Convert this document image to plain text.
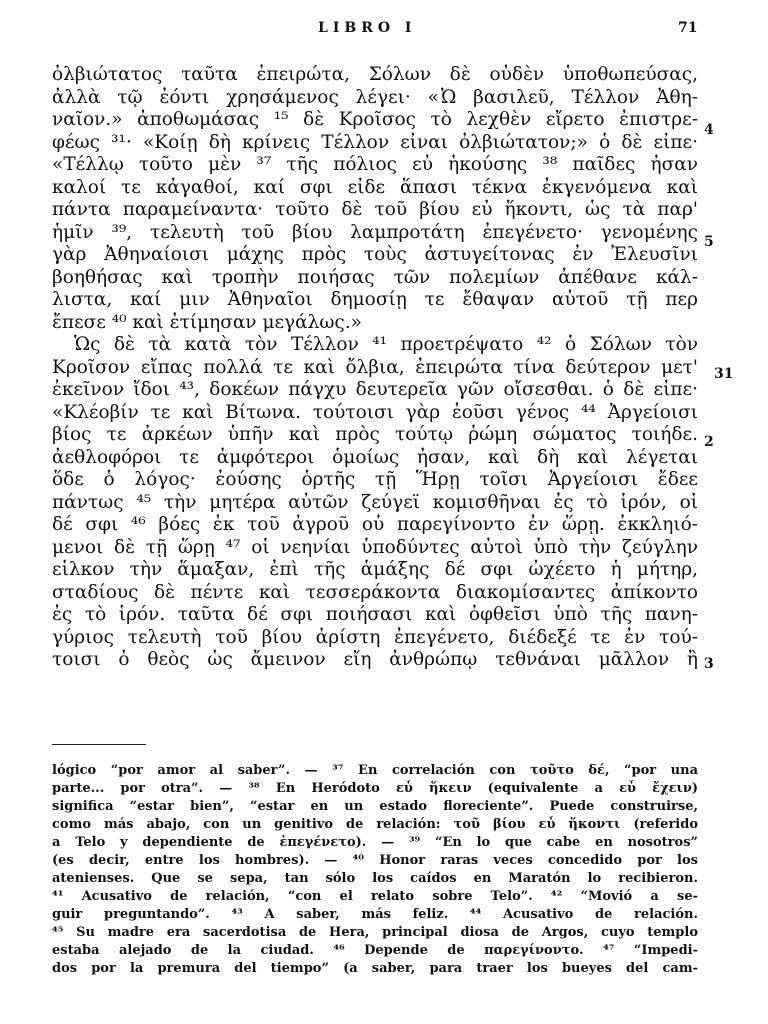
LIBRO I	71
ὀλβιώτατος ταῦτα ἐπειρώτα, Σόλων δὲ οὐδὲν ὑποθωπεύσας,
ἀλλὰ τῷ ἐόντι χρησάμενος λέγει· «Ὦ βασιλεῦ, Τέλλον Ἀθη-
ναῖον.» ἀποθωμάσας ¹⁵ δὲ Κροῖσος τὸ λεχθὲν εἴρετο ἐπιστρε-
φέως ³¹· «Κοίῃ δὴ κρίνεις Τέλλον εἶναι ὀλβιώτατον;» ὁ δὲ εἶπε·
«Τέλλῳ τοῦτο μὲν ³⁷ τῆς πόλιος εὖ ἡκούσης ³⁸ παῖδες ἦσαν
καλοί τε κἀγαθοί, καί σφι εἶδε ἅπασι τέκνα ἐκγενόμενα καὶ
πάντα παραμείναντα· τοῦτο δὲ τοῦ βίου εὖ ἥκοντι, ὡς τὰ παρ'
ἡμῖν ³⁹, τελευτὴ τοῦ βίου λαμπροτάτη ἐπεγένετο· γενομένης
γὰρ Ἀθηναίοισι μάχης πρὸς τοὺς ἀστυγείτονας ἐν Ἐλευσῖνι
βοηθήσας καὶ τροπὴν ποιήσας τῶν πολεμίων ἀπέθανε κάλ-
λιστα, καί μιν Ἀθηναῖοι δημοσίῃ τε ἔθαψαν αὐτοῦ τῇ περ
ἔπεσε ⁴⁰ καὶ ἐτίμησαν μεγάλως.»
Ὡς δὲ τὰ κατὰ τὸν Τέλλον ⁴¹ προετρέψατο ⁴² ὁ Σόλων τὸν
Κροῖσον εἴπας πολλά τε καὶ ὄλβια, ἐπειρώτα τίνα δεύτερον μετ'
ἐκεῖνον ἴδοι ⁴³, δοκέων πάγχυ δευτερεῖα γῶν οἴσεσθαι. ὁ δὲ εἶπε·
«Κλέοβίν τε καὶ Βίτωνα. τούτοισι γὰρ ἐοῦσι γένος ⁴⁴ Ἀργείοισι
βίος τε ἀρκέων ὑπῆν καὶ πρὸς τούτῳ ῥώμη σώματος τοιήδε.
ἀεθλοφόροι τε ἀμφότεροι ὁμοίως ἦσαν, καὶ δὴ καὶ λέγεται
ὅδε ὁ λόγος· ἐούσης ὁρτῆς τῇ Ἥρῃ τοῖσι Ἀργείοισι ἔδεε
πάντως ⁴⁵ τὴν μητέρα αὐτῶν ζεύγεϊ κομισθῆναι ἐς τὸ ἱρόν, οἱ
δέ σφι ⁴⁶ βόες ἐκ τοῦ ἀγροῦ οὐ παρεγίνοντο ἐν ὥρῃ. ἐκκληιό-
μενοι δὲ τῇ ὥρῃ ⁴⁷ οἱ νεηνίαι ὑποδύντες αὐτοὶ ὑπὸ τὴν ζεύγλην
εἷλκον τὴν ἅμαξαν, ἐπὶ τῆς ἁμάξης δέ σφι ὠχέετο ἡ μήτηρ,
σταδίους δὲ πέντε καὶ τεσσεράκοντα διακομίσαντες ἀπίκοντο
ἐς τὸ ἱρόν. ταῦτα δέ σφι ποιήσασι καὶ ὀφθεῖσι ὑπὸ τῆς πανη-
γύριος τελευτὴ τοῦ βίου ἀρίστη ἐπεγένετο, διέδεξέ τε ἐν τού-
τοισι ὁ θεὸς ὡς ἄμεινον εἴη ἀνθρώπῳ τεθνάναι μᾶλλον ἢ
4
5
31
2
3
lógico “por amor al saber”. — ³⁷ En correlación con τοῦτο δέ, “por una
parte... por otra”. — ³⁸ En Heródoto εὖ ἥκειν (equivalente a εὖ ἔχειν)
significa “estar bien”, “estar en un estado floreciente”. Puede construirse,
como más abajo, con un genitivo de relación: τοῦ βίου εὖ ἥκοντι (referido
a Telo y dependiente de ἐπεγένετο). — ³⁹ “En lo que cabe en nosotros”
(es decir, entre los hombres). — ⁴⁰ Honor raras veces concedido por los
atenienses. Que se sepa, tan sólo los caídos en Maratón lo recibieron.
⁴¹ Acusativo de relación, “con el relato sobre Telo”. ⁴² “Movió a se-
guir preguntando”. ⁴³ A saber, más feliz. ⁴⁴ Acusativo de relación.
⁴⁵ Su madre era sacerdotisa de Hera, principal diosa de Argos, cuyo templo
estaba alejado de la ciudad. ⁴⁶ Depende de παρεγίνοντο. ⁴⁷ “Impedi-
dos por la premura del tiempo” (a saber, para traer los bueyes del cam-
